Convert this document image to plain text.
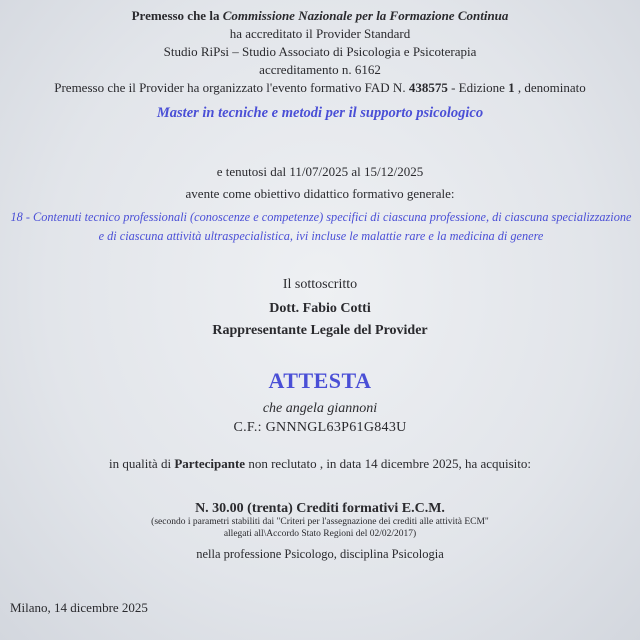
Premesso che la Commissione Nazionale per la Formazione Continua
ha accreditato il Provider Standard
Studio RiPsi – Studio Associato di Psicologia e Psicoterapia
accreditamento n. 6162
Premesso che il Provider ha organizzato l'evento formativo FAD N. 438575 - Edizione 1 , denominato
Master in tecniche e metodi per il supporto psicologico
e tenutosi dal 11/07/2025 al 15/12/2025
avente come obiettivo didattico formativo generale:
18 - Contenuti tecnico professionali (conoscenze e competenze) specifici di ciascuna professione, di ciascuna specializzazione e di ciascuna attività ultraspecialistica, ivi incluse le malattie rare e la medicina di genere
Il sottoscritto
Dott. Fabio Cotti
Rappresentante Legale del Provider
ATTESTA
che angela giannoni
C.F.: GNNNGL63P61G843U
in qualità di Partecipante non reclutato , in data 14 dicembre 2025, ha acquisito:
N. 30.00 (trenta) Crediti formativi E.C.M.
(secondo i parametri stabiliti dai "Criteri per l'assegnazione dei crediti alle attività ECM"
allegati all\Accordo Stato Regioni del 02/02/2017)
nella professione Psicologo, disciplina Psicologia
Milano, 14 dicembre 2025
